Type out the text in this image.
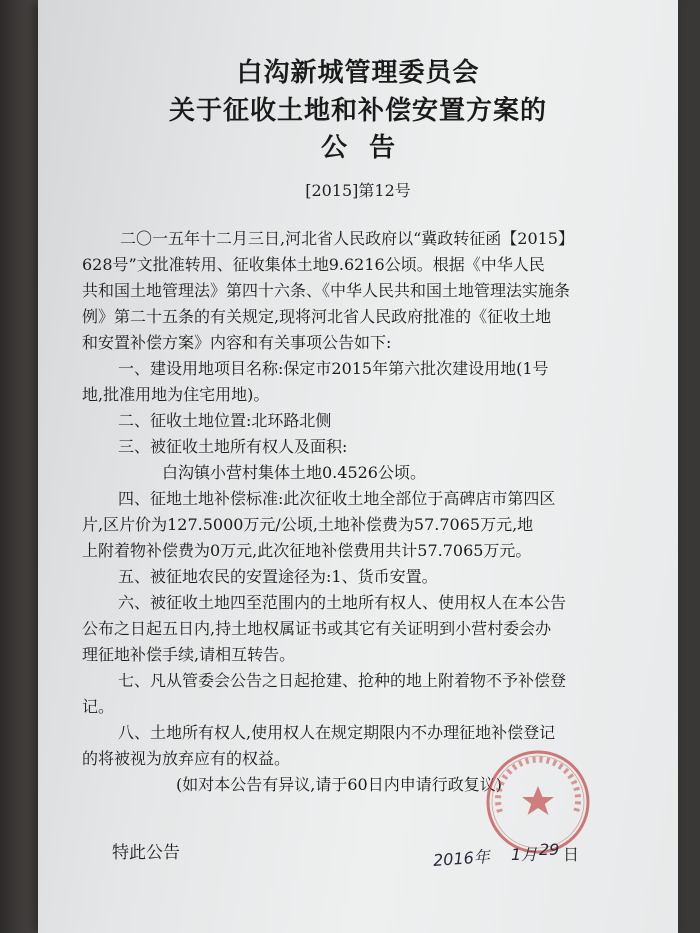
白沟新城管理委员会
关于征收土地和补偿安置方案的
公告
[2015]第12号
二〇一五年十二月三日,河北省人民政府以“冀政转征函【2015】
628号”文批准转用、征收集体土地9.6216公顷。根据《中华人民
共和国土地管理法》第四十六条、《中华人民共和国土地管理法实施条
例》第二十五条的有关规定,现将河北省人民政府批准的《征收土地
和安置补偿方案》内容和有关事项公告如下:
一、建设用地项目名称:保定市2015年第六批次建设用地(1号
地,批准用地为住宅用地)。
二、征收土地位置:北环路北侧
三、被征收土地所有权人及面积:
白沟镇小营村集体土地0.4526公顷。
四、征地土地补偿标准:此次征收土地全部位于高碑店市第四区
片,区片价为127.5000万元/公顷,土地补偿费为57.7065万元,地
上附着物补偿费为0万元,此次征地补偿费用共计57.7065万元。
五、被征地农民的安置途径为:1、货币安置。
六、被征收土地四至范围内的土地所有权人、使用权人在本公告
公布之日起五日内,持土地权属证书或其它有关证明到小营村委会办
理征地补偿手续,请相互转告。
七、凡从管委会公告之日起抢建、抢种的地上附着物不予补偿登
记。
八、土地所有权人,使用权人在规定期限内不办理征地补偿登记
的将被视为放弃应有的权益。
(如对本公告有异议,请于60日内申请行政复议)
特此公告	2016年 1月 29 日
